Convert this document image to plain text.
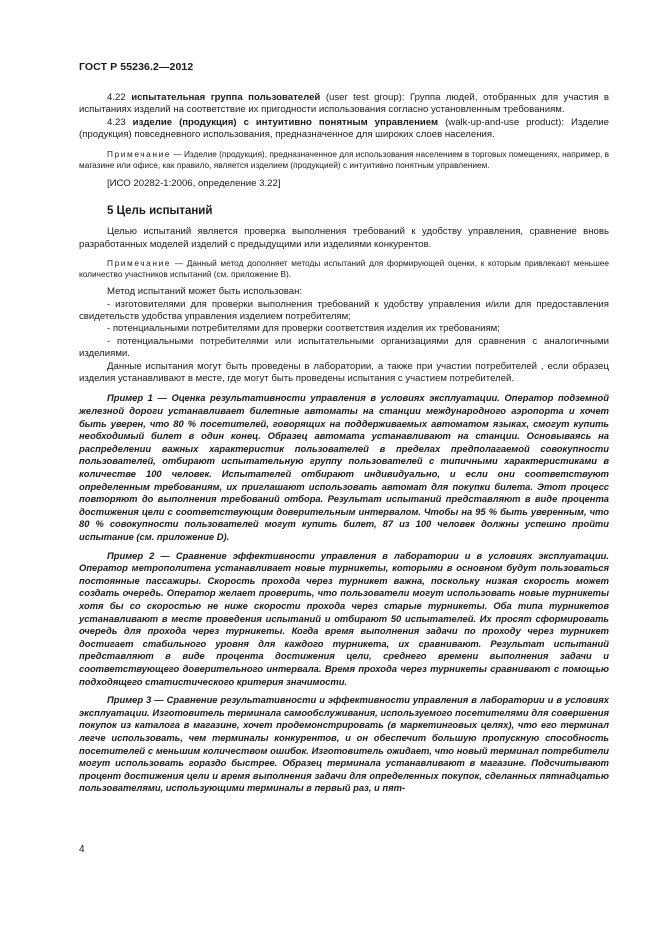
ГОСТ Р 55236.2—2012

4.22 испытательная группа пользователей (user test group): Группа людей, отобранных для участия в испытаниях изделий на соответствие их пригодности использования согласно установленным требованиям.

4.23 изделие (продукция) с интуитивно понятным управлением (walk-up-and-use product): Изделие (продукция) повседневного использования, предназначенное для широких слоев населения.

Примечание — Изделие (продукция), предназначенное для использования населением в торговых помещениях, например, в магазине или офисе, как правило, является изделием (продукцией) с интуитивно понятным управлением.

[ИСО 20282-1:2006, определение 3.22]

5 Цель испытаний

Целью испытаний является проверка выполнения требований к удобству управления, сравнение вновь разработанных моделей изделий с предыдущими или изделиями конкурентов.

Примечание — Данный метод дополняет методы испытаний для формирующей оценки, к которым привлекают меньшее количество участников испытаний (см. приложение В).

Метод испытаний может быть использован:

- изготовителями для проверки выполнения требований к удобству управления и/или для предоставления свидетельств удобства управления изделием потребителям;

- потенциальными потребителями для проверки соответствия изделия их требованиям;

- потенциальными потребителями или испытательными организациями для сравнения с аналогичными изделиями.

Данные испытания могут быть проведены в лаборатории, а также при участии потребителей , если образец изделия устанавливают в месте, где могут быть проведены испытания с участием потребителей.

Пример 1 — Оценка результативности управления в условиях эксплуатации. Оператор подземной железной дороги устанавливает билетные автоматы на станции международного аэропорта и хочет быть уверен, что 80 % посетителей, говорящих на поддерживаемых автоматом языках, смогут купить необходимый билет в один конец. Образец автомата устанавливают на станции. Основываясь на распределении важных характеристик пользователей в пределах предполагаемой совокупности пользователей, отбирают испытательную группу пользователей с типичными характеристиками в количестве 100 человек. Испытателей отбирают индивидуально, и если они соответствуют определенным требованиям, их приглашают использовать автомат для покупки билета. Этот процесс повторяют до выполнения требований отбора. Результат испытаний представляют в виде процента достижения цели с соответствующим доверительным интервалом. Чтобы на 95 % быть уверенным, что 80 % совокупности пользователей могут купить билет, 87 из 100 человек должны успешно пройти испытание (см. приложение D).

Пример 2 — Сравнение эффективности управления в лаборатории и в условиях эксплуатации. Оператор метрополитена устанавливает новые турникеты, которыми в основном будут пользоваться постоянные пассажиры. Скорость прохода через турникет важна, поскольку низкая скорость может создать очередь. Оператор желает проверить, что пользователи могут использовать новые турникеты хотя бы со скоростью не ниже скорости прохода через старые турникеты. Оба типа турникетов устанавливают в месте проведения испытаний и отбирают 50 испытателей. Их просят сформировать очередь для прохода через турникеты. Когда время выполнения задачи по проходу через турникет достигает стабильного уровня для каждого турникета, их сравнивают. Результат испытаний представляют в виде процента достижения цели, среднего времени выполнения задачи и соответствующего доверительного интервала. Время прохода через турникеты сравнивают с помощью подходящего статистического критерия значимости.

Пример 3 — Сравнение результативности и эффективности управления в лаборатории и в условиях эксплуатации. Изготовитель терминала самообслуживания, используемого посетителями для совершения покупок из каталога в магазине, хочет продемонстрировать (в маркетинговых целях), что его терминал легче использовать, чем терминалы конкурентов, и он обеспечит большую пропускную способность посетителей с меньшим количеством ошибок. Изготовитель ожидает, что новый терминал потребители могут использовать гораздо быстрее. Образец терминала устанавливают в магазине. Подсчитывают процент достижения цели и время выполнения задачи для определенных покупок, сделанных пятнадцатью пользователями, использующими терминалы в первый раз, и пят-

4
